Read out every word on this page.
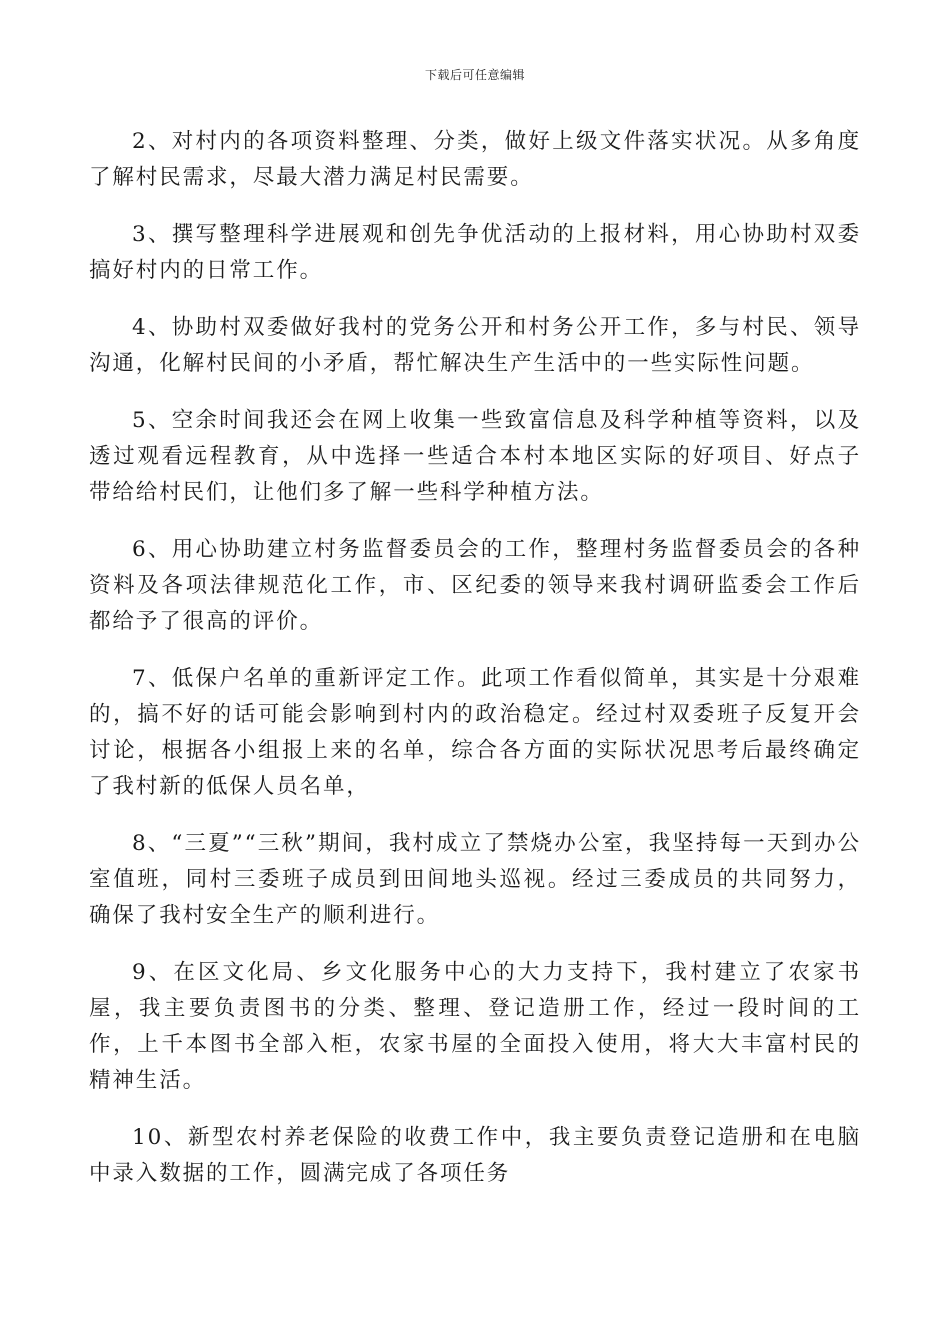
下载后可任意编辑

2、对村内的各项资料整理、分类，做好上级文件落实状况。从多角度了解村民需求，尽最大潜力满足村民需要。

3、撰写整理科学进展观和创先争优活动的上报材料，用心协助村双委搞好村内的日常工作。

4、协助村双委做好我村的党务公开和村务公开工作，多与村民、领导沟通，化解村民间的小矛盾，帮忙解决生产生活中的一些实际性问题。

5、空余时间我还会在网上收集一些致富信息及科学种植等资料，以及透过观看远程教育，从中选择一些适合本村本地区实际的好项目、好点子带给给村民们，让他们多了解一些科学种植方法。

6、用心协助建立村务监督委员会的工作，整理村务监督委员会的各种资料及各项法律规范化工作，市、区纪委的领导来我村调研监委会工作后都给予了很高的评价。

7、低保户名单的重新评定工作。此项工作看似简单，其实是十分艰难的，搞不好的话可能会影响到村内的政治稳定。经过村双委班子反复开会讨论，根据各小组报上来的名单，综合各方面的实际状况思考后最终确定了我村新的低保人员名单，

8、“三夏”“三秋”期间，我村成立了禁烧办公室，我坚持每一天到办公室值班，同村三委班子成员到田间地头巡视。经过三委成员的共同努力，确保了我村安全生产的顺利进行。

9、在区文化局、乡文化服务中心的大力支持下，我村建立了农家书屋，我主要负责图书的分类、整理、登记造册工作，经过一段时间的工作，上千本图书全部入柜，农家书屋的全面投入使用，将大大丰富村民的精神生活。

10、新型农村养老保险的收费工作中，我主要负责登记造册和在电脑中录入数据的工作，圆满完成了各项任务
